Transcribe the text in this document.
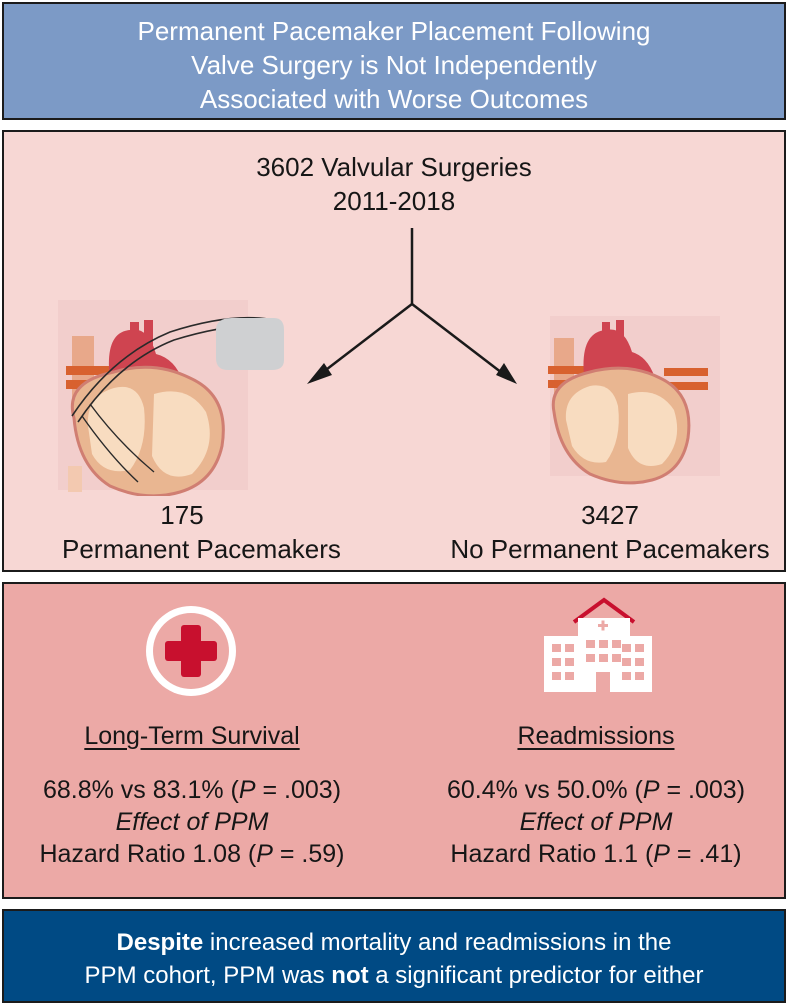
Permanent Pacemaker Placement Following
Valve Surgery is Not Independently
Associated with Worse Outcomes
3602 Valvular Surgeries
2011-2018
175
Permanent Pacemakers
3427
No Permanent Pacemakers
Long-Term Survival
68.8% vs 83.1% (P = .003)
Effect of PPM
Hazard Ratio 1.08 (P = .59)
Readmissions
60.4% vs 50.0% (P = .003)
Effect of PPM
Hazard Ratio 1.1 (P = .41)
Despite increased mortality and readmissions in the
PPM cohort, PPM was not a significant predictor for either
